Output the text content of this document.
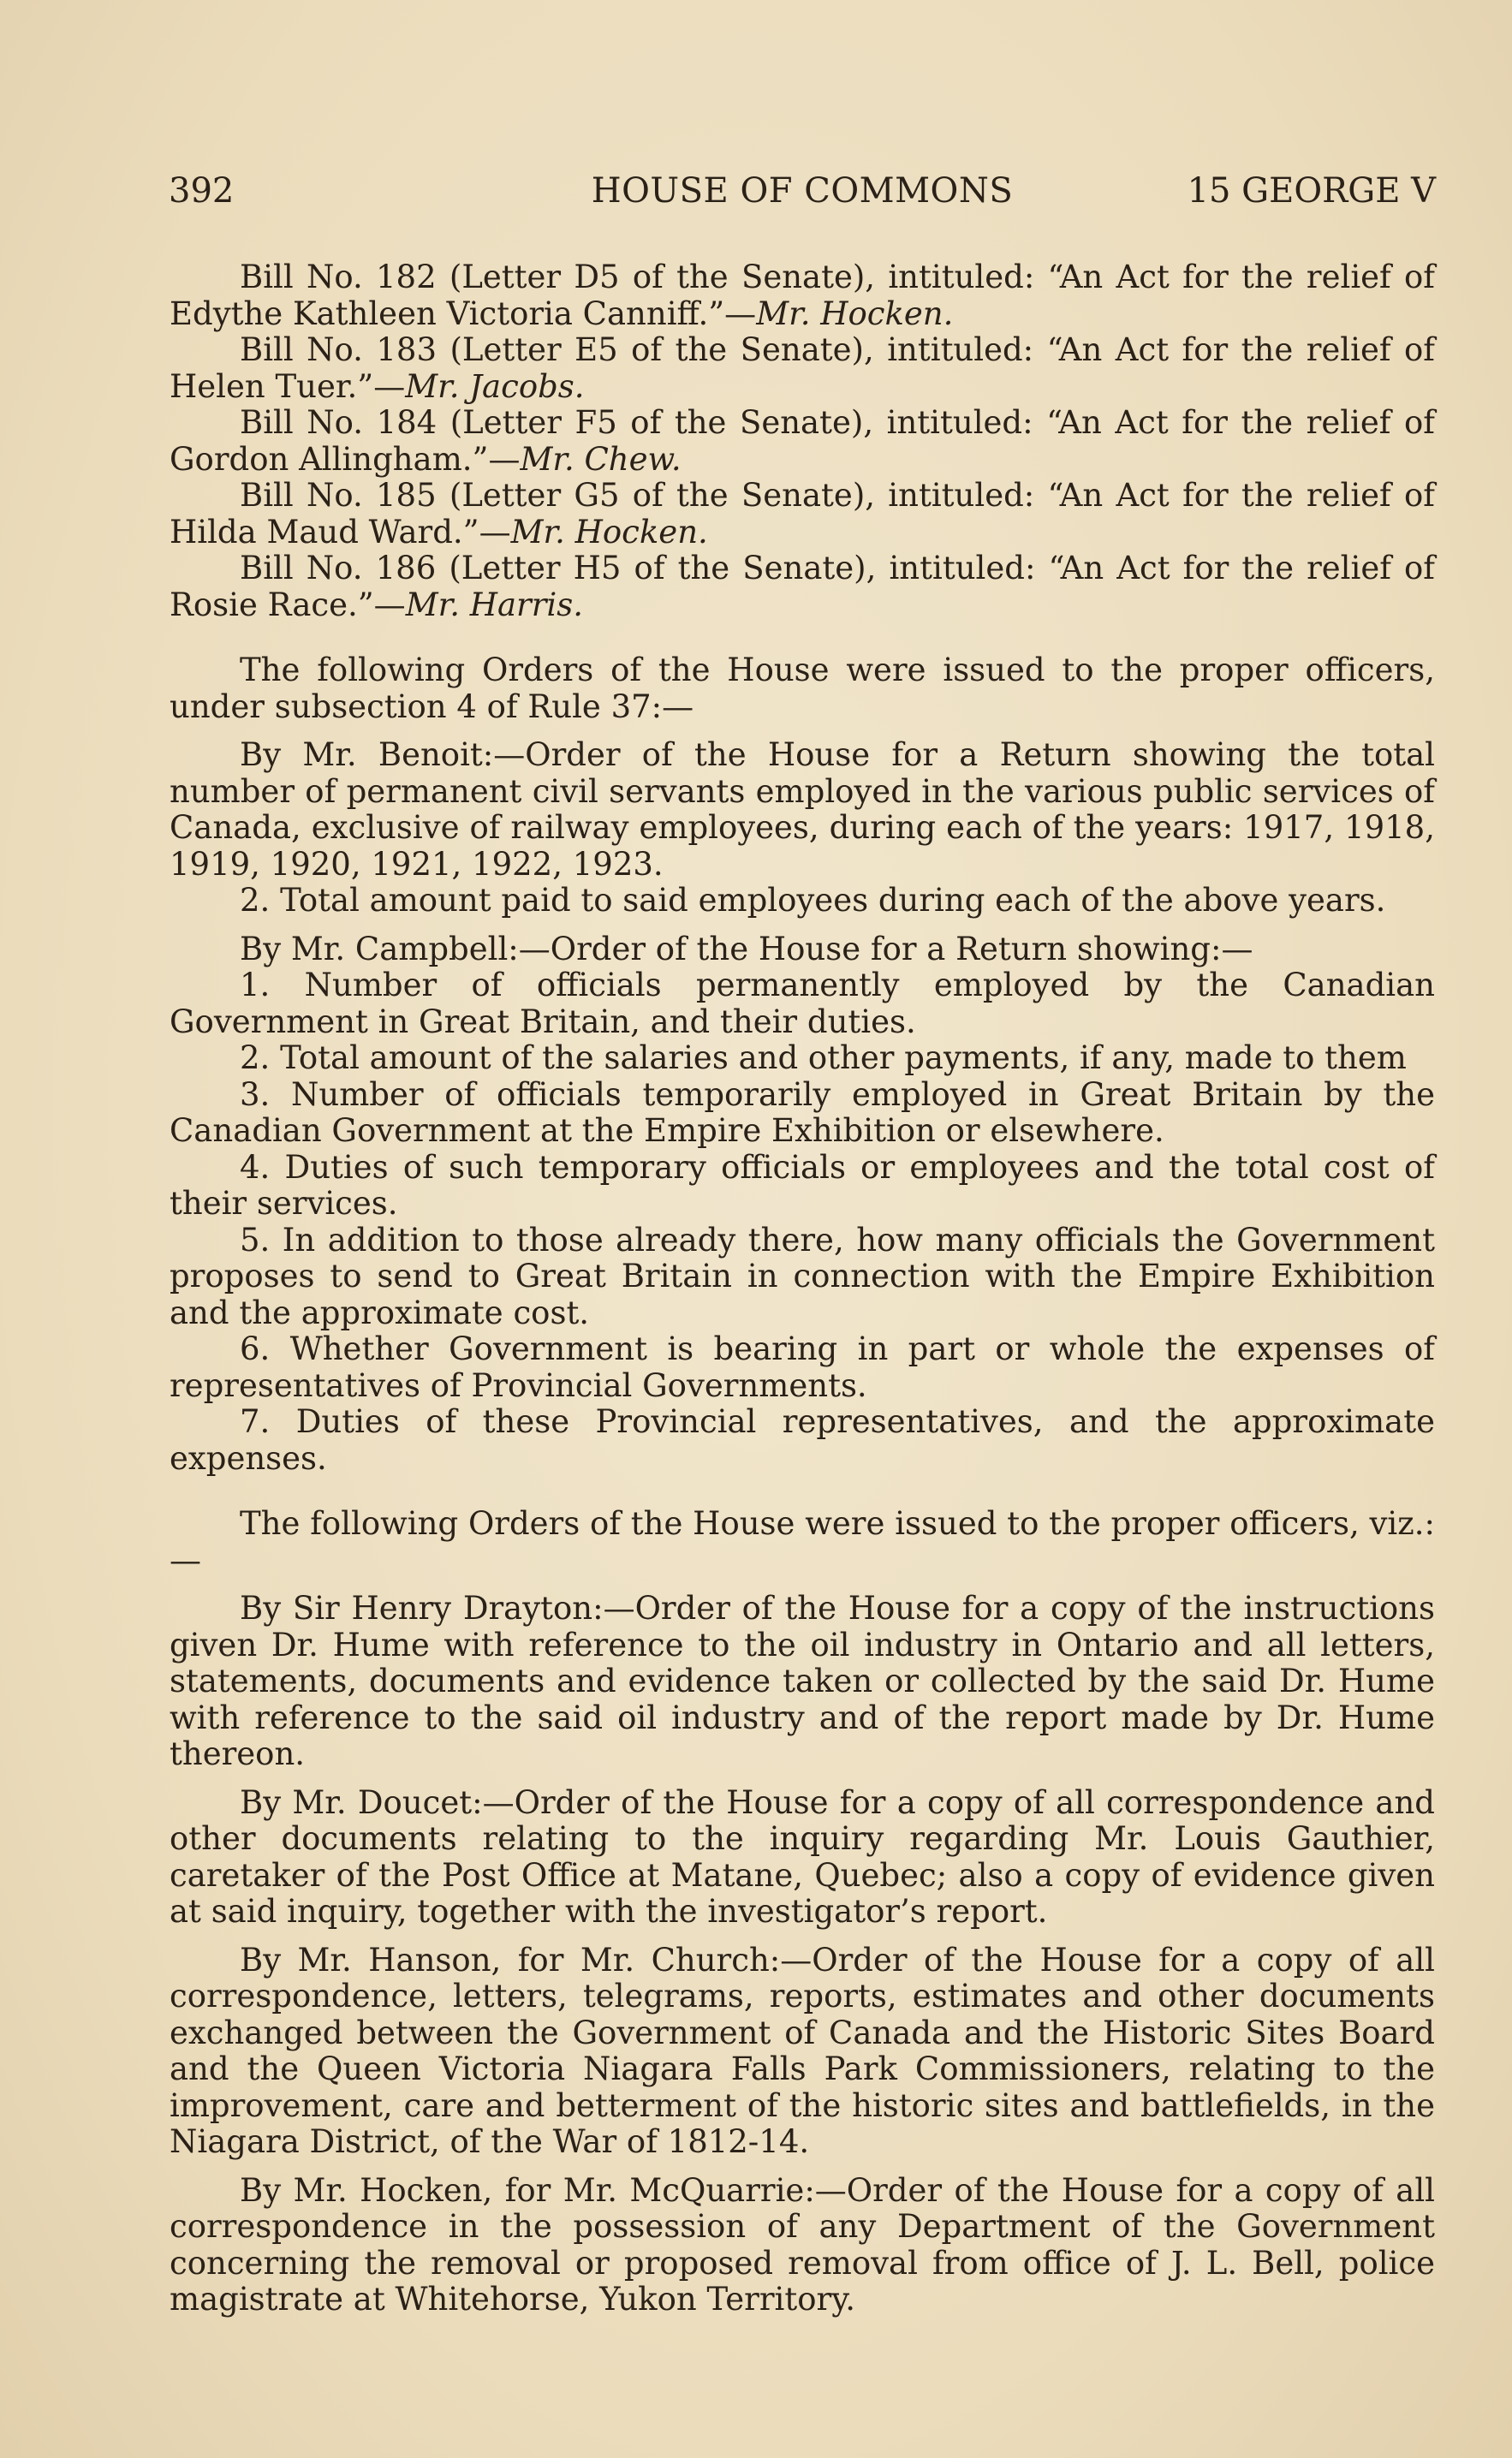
392	HOUSE OF COMMONS	15 GEORGE V

Bill No. 182 (Letter D5 of the Senate), intituled: “An Act for the relief of Edythe Kathleen Victoria Canniff.”—Mr. Hocken.

Bill No. 183 (Letter E5 of the Senate), intituled: “An Act for the relief of Helen Tuer.”—Mr. Jacobs.

Bill No. 184 (Letter F5 of the Senate), intituled: “An Act for the relief of Gordon Allingham.”—Mr. Chew.

Bill No. 185 (Letter G5 of the Senate), intituled: “An Act for the relief of Hilda Maud Ward.”—Mr. Hocken.

Bill No. 186 (Letter H5 of the Senate), intituled: “An Act for the relief of Rosie Race.”—Mr. Harris.

The following Orders of the House were issued to the proper officers, under subsection 4 of Rule 37:—

By Mr. Benoit:—Order of the House for a Return showing the total number of permanent civil servants employed in the various public services of Canada, exclusive of railway employees, during each of the years: 1917, 1918, 1919, 1920, 1921, 1922, 1923.

2. Total amount paid to said employees during each of the above years.

By Mr. Campbell:—Order of the House for a Return showing:—

1. Number of officials permanently employed by the Canadian Government in Great Britain, and their duties.

2. Total amount of the salaries and other payments, if any, made to them

3. Number of officials temporarily employed in Great Britain by the Canadian Government at the Empire Exhibition or elsewhere.

4. Duties of such temporary officials or employees and the total cost of their services.

5. In addition to those already there, how many officials the Government proposes to send to Great Britain in connection with the Empire Exhibition and the approximate cost.

6. Whether Government is bearing in part or whole the expenses of representatives of Provincial Governments.

7. Duties of these Provincial representatives, and the approximate expenses.

The following Orders of the House were issued to the proper officers, viz.:—

By Sir Henry Drayton:—Order of the House for a copy of the instructions given Dr. Hume with reference to the oil industry in Ontario and all letters, statements, documents and evidence taken or collected by the said Dr. Hume with reference to the said oil industry and of the report made by Dr. Hume thereon.

By Mr. Doucet:—Order of the House for a copy of all correspondence and other documents relating to the inquiry regarding Mr. Louis Gauthier, caretaker of the Post Office at Matane, Quebec; also a copy of evidence given at said inquiry, together with the investigator’s report.

By Mr. Hanson, for Mr. Church:—Order of the House for a copy of all correspondence, letters, telegrams, reports, estimates and other documents exchanged between the Government of Canada and the Historic Sites Board and the Queen Victoria Niagara Falls Park Commissioners, relating to the improvement, care and betterment of the historic sites and battlefields, in the Niagara District, of the War of 1812-14.

By Mr. Hocken, for Mr. McQuarrie:—Order of the House for a copy of all correspondence in the possession of any Department of the Government concerning the removal or proposed removal from office of J. L. Bell, police magistrate at Whitehorse, Yukon Territory.
